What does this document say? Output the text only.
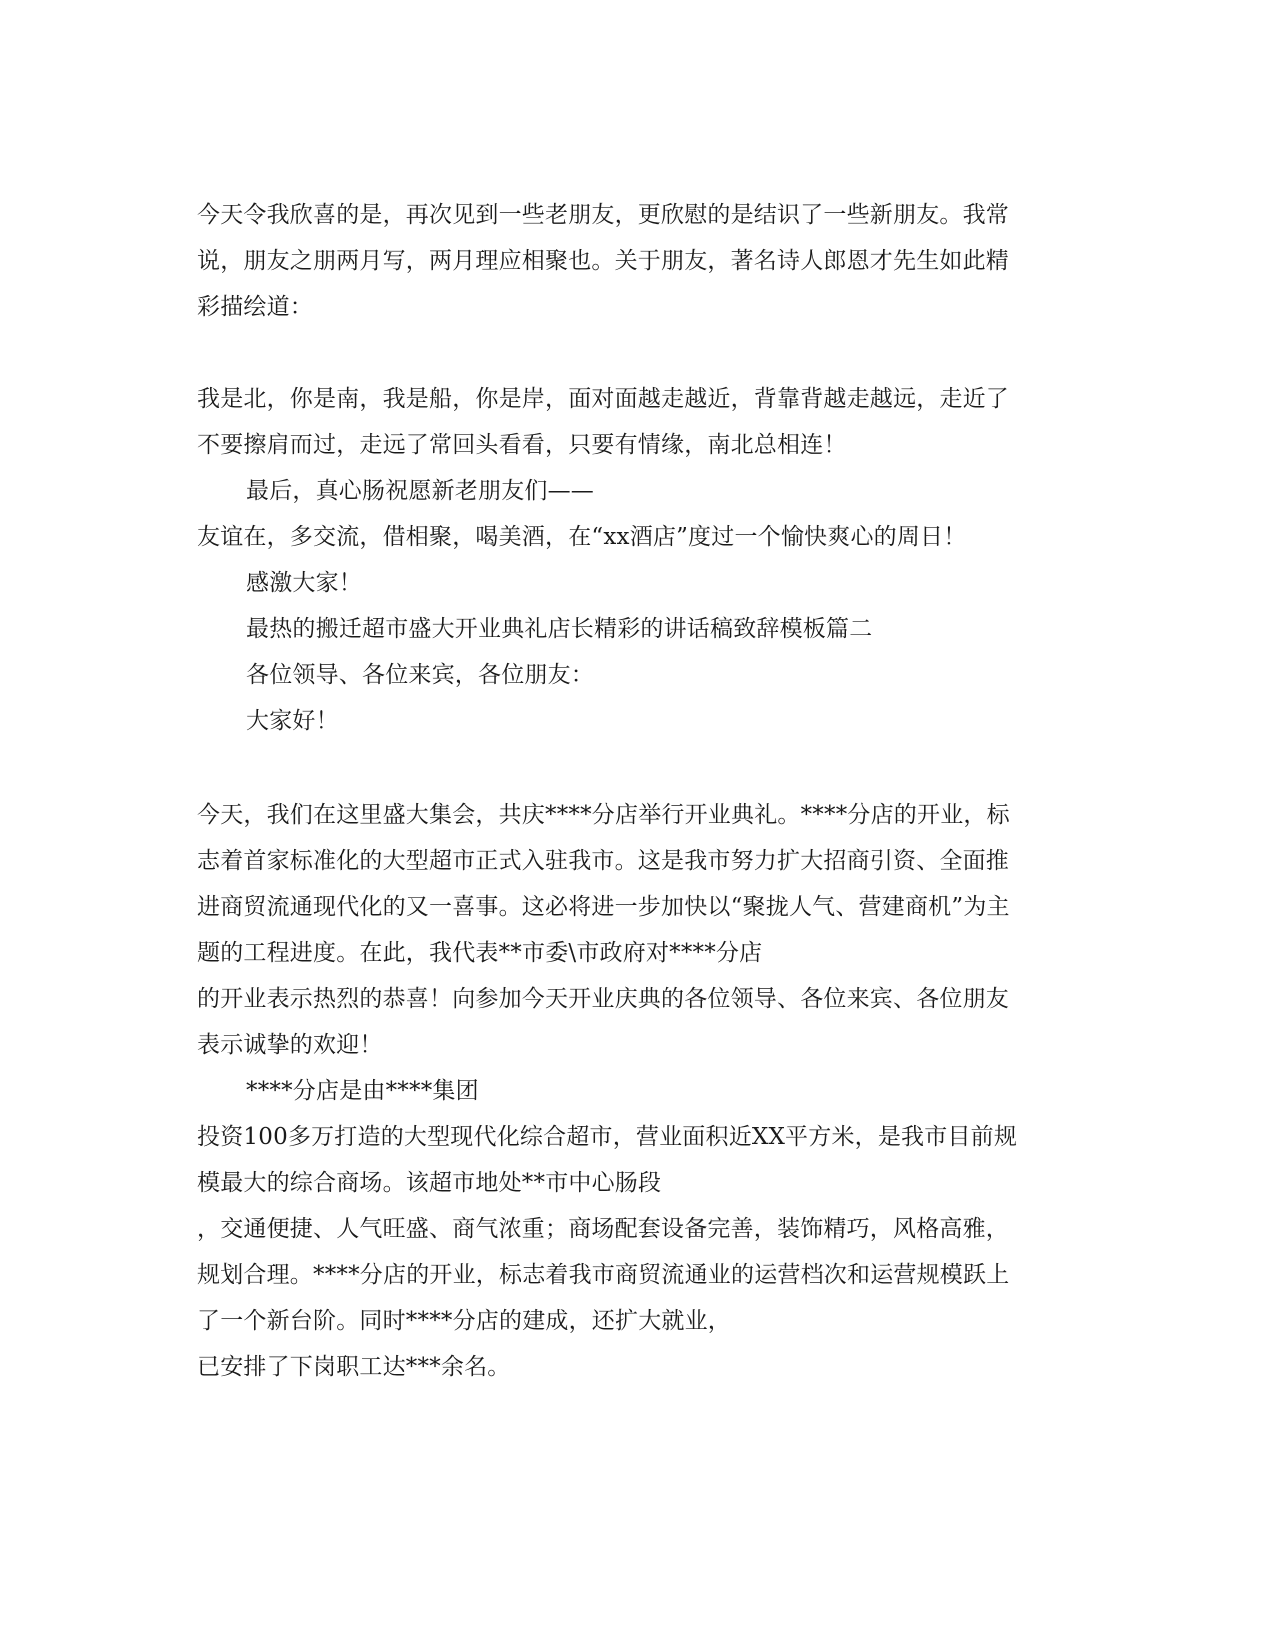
今天令我欣喜的是，再次见到一些老朋友，更欣慰的是结识了一些新朋友。我常
说，朋友之朋两月写，两月理应相聚也。关于朋友，著名诗人郎恩才先生如此精
彩描绘道：
我是北，你是南，我是船，你是岸，面对面越走越近，背靠背越走越远，走近了
不要擦肩而过，走远了常回头看看，只要有情缘，南北总相连！
最后，真心肠祝愿新老朋友们——
友谊在，多交流，借相聚，喝美酒，在“xx酒店”度过一个愉快爽心的周日！
感激大家！
最热的搬迁超市盛大开业典礼店长精彩的讲话稿致辞模板篇二
各位领导、各位来宾，各位朋友：
大家好！
今天，我们在这里盛大集会，共庆****分店举行开业典礼。****分店的开业，标
志着首家标准化的大型超市正式入驻我市。这是我市努力扩大招商引资、全面推
进商贸流通现代化的又一喜事。这必将进一步加快以“聚拢人气、营建商机”为主
题的工程进度。在此，我代表**市委\市政府对****分店
的开业表示热烈的恭喜！向参加今天开业庆典的各位领导、各位来宾、各位朋友
表示诚挚的欢迎！
****分店是由****集团
投资100多万打造的大型现代化综合超市，营业面积近XX平方米，是我市目前规
模最大的综合商场。该超市地处**市中心肠段
，交通便捷、人气旺盛、商气浓重；商场配套设备完善，装饰精巧，风格高雅，
规划合理。****分店的开业，标志着我市商贸流通业的运营档次和运营规模跃上
了一个新台阶。同时****分店的建成，还扩大就业，
已安排了下岗职工达***余名。
